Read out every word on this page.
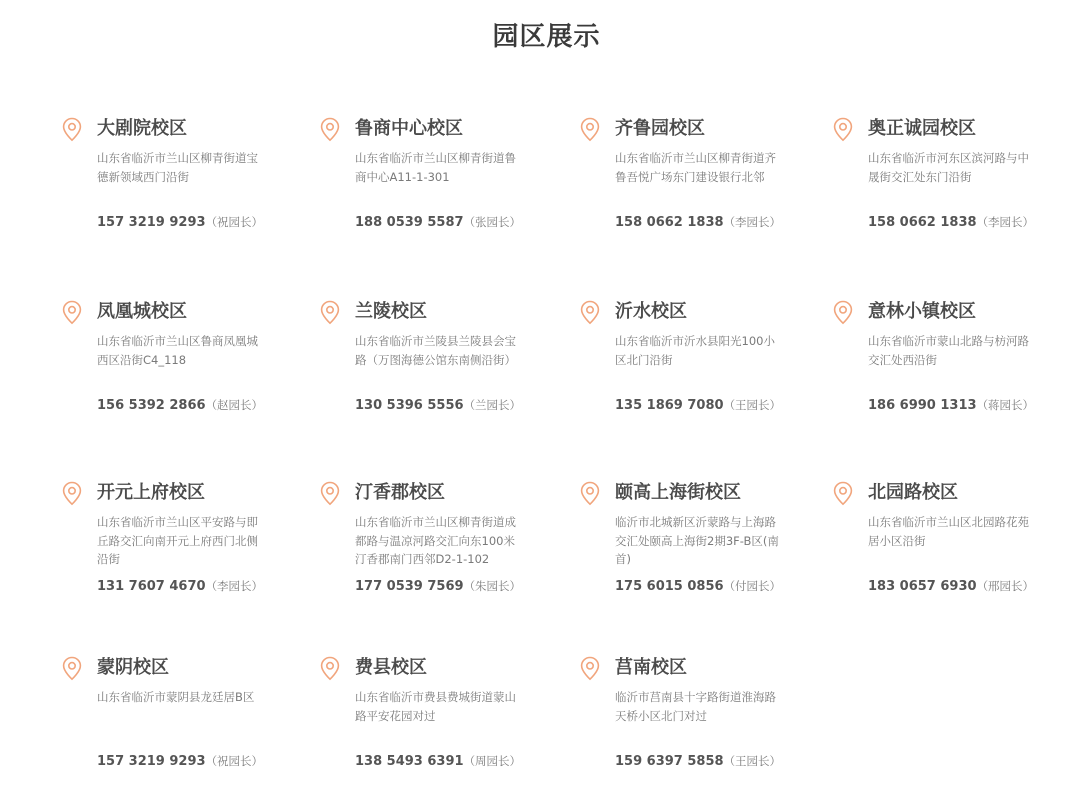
园区展示
大剧院校区
山东省临沂市兰山区柳青街道宝德新领域西门沿街
157 3219 9293（祝园长）
鲁商中心校区
山东省临沂市兰山区柳青街道鲁商中心A11-1-301
188 0539 5587（张园长）
齐鲁园校区
山东省临沂市兰山区柳青街道齐鲁吾悦广场东门建设银行北邻
158 0662 1838（李园长）
奥正诚园校区
山东省临沂市河东区滨河路与中晟街交汇处东门沿街
158 0662 1838（李园长）
凤凰城校区
山东省临沂市兰山区鲁商凤凰城西区沿街C4_118
156 5392 2866（赵园长）
兰陵校区
山东省临沂市兰陵县兰陵县会宝路（万图海德公馆东南侧沿街）
130 5396 5556（兰园长）
沂水校区
山东省临沂市沂水县阳光100小区北门沿街
135 1869 7080（王园长）
意林小镇校区
山东省临沂市蒙山北路与枋河路交汇处西沿街
186 6990 1313（蒋园长）
开元上府校区
山东省临沂市兰山区平安路与即丘路交汇向南开元上府西门北侧沿街
131 7607 4670（李园长）
汀香郡校区
山东省临沂市兰山区柳青街道成都路与温凉河路交汇向东100米汀香郡南门西邻D2-1-102
177 0539 7569（朱园长）
颐高上海街校区
临沂市北城新区沂蒙路与上海路交汇处颐高上海街2期3F-B区(南首)
175 6015 0856（付园长）
北园路校区
山东省临沂市兰山区北园路花苑居小区沿街
183 0657 6930（邢园长）
蒙阴校区
山东省临沂市蒙阴县龙廷居B区
157 3219 9293（祝园长）
费县校区
山东省临沂市费县费城街道蒙山路平安花园对过
138 5493 6391（周园长）
莒南校区
临沂市莒南县十字路街道淮海路天桥小区北门对过
159 6397 5858（王园长）
